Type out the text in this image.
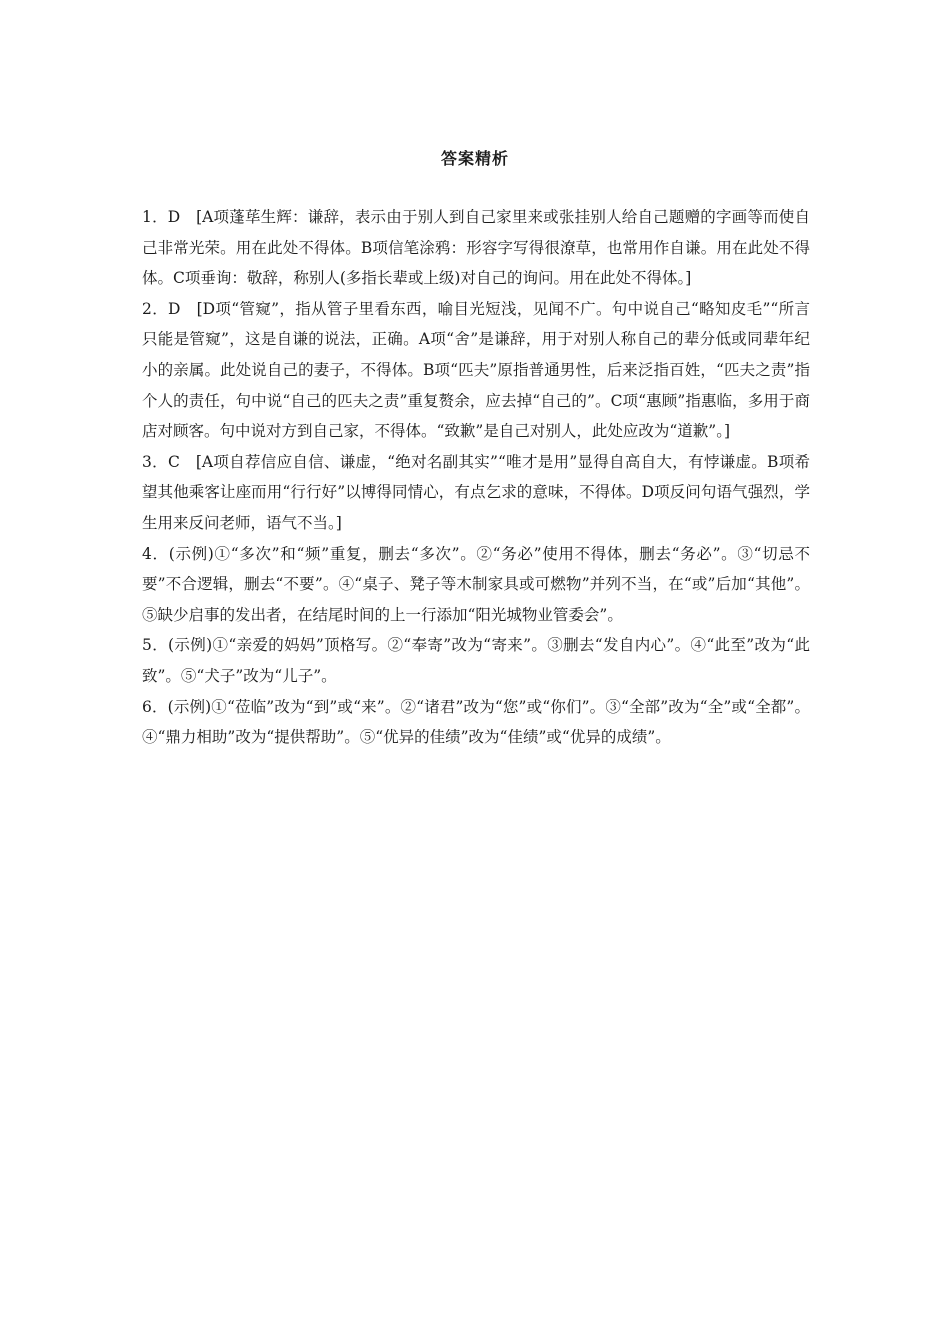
答案精析

1．D　[A项蓬荜生辉：谦辞，表示由于别人到自己家里来或张挂别人给自己题赠的字画等而使自己非常光荣。用在此处不得体。B项信笔涂鸦：形容字写得很潦草，也常用作自谦。用在此处不得体。C项垂询：敬辞，称别人(多指长辈或上级)对自己的询问。用在此处不得体。]

2．D　[D项“管窥”，指从管子里看东西，喻目光短浅，见闻不广。句中说自己“略知皮毛”“所言只能是管窥”，这是自谦的说法，正确。A项“舍”是谦辞，用于对别人称自己的辈分低或同辈年纪小的亲属。此处说自己的妻子，不得体。B项“匹夫”原指普通男性，后来泛指百姓，“匹夫之责”指个人的责任，句中说“自己的匹夫之责”重复赘余，应去掉“自己的”。C项“惠顾”指惠临，多用于商店对顾客。句中说对方到自己家，不得体。“致歉”是自己对别人，此处应改为“道歉”。]

3．C　[A项自荐信应自信、谦虚，“绝对名副其实”“唯才是用”显得自高自大，有悖谦虚。B项希望其他乘客让座而用“行行好”以博得同情心，有点乞求的意味，不得体。D项反问句语气强烈，学生用来反问老师，语气不当。]

4．(示例)①“多次”和“频”重复，删去“多次”。②“务必”使用不得体，删去“务必”。③“切忌不要”不合逻辑，删去“不要”。④“桌子、凳子等木制家具或可燃物”并列不当，在“或”后加“其他”。⑤缺少启事的发出者，在结尾时间的上一行添加“阳光城物业管委会”。

5．(示例)①“亲爱的妈妈”顶格写。②“奉寄”改为“寄来”。③删去“发自内心”。④“此至”改为“此致”。⑤“犬子”改为“儿子”。

6．(示例)①“莅临”改为“到”或“来”。②“诸君”改为“您”或“你们”。③“全部”改为“全”或“全都”。④“鼎力相助”改为“提供帮助”。⑤“优异的佳绩”改为“佳绩”或“优异的成绩”。
